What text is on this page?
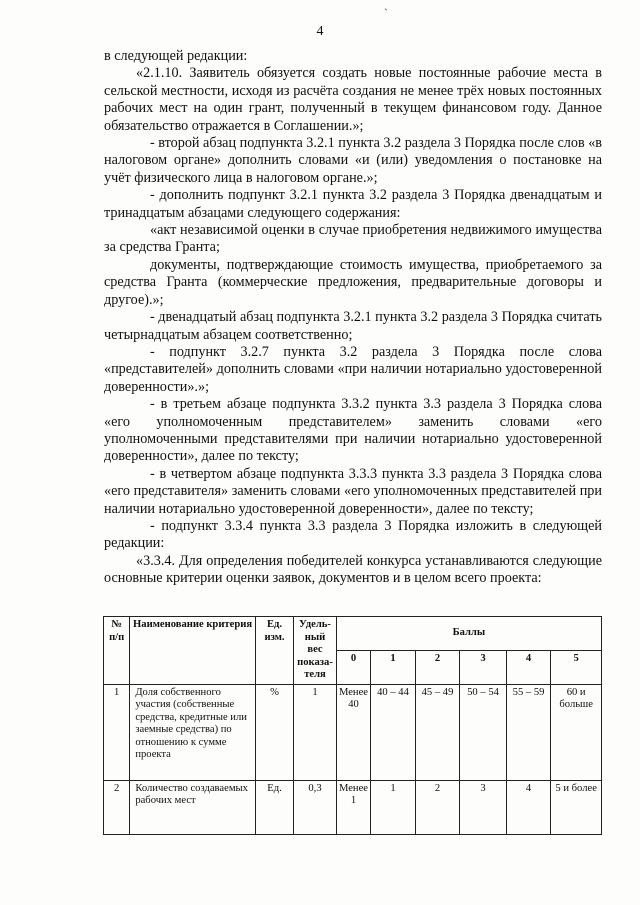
ˋ
4

в следующей редакции:

«2.1.10. Заявитель обязуется создать новые постоянные рабочие места в сельской местности, исходя из расчёта создания не менее трёх новых постоянных рабочих мест на один грант, полученный в текущем финансовом году. Данное обязательство отражается в Соглашении.»;

- второй абзац подпункта 3.2.1 пункта 3.2 раздела 3 Порядка после слов «в налоговом органе» дополнить словами «и (или) уведомления о постановке на учёт физического лица в налоговом органе.»;

- дополнить подпункт 3.2.1 пункта 3.2 раздела 3 Порядка двенадцатым и тринадцатым абзацами следующего содержания:

«акт независимой оценки в случае приобретения недвижимого имущества за средства Гранта;

документы, подтверждающие стоимость имущества, приобретаемого за средства Гранта (коммерческие предложения, предварительные договоры и другое).»;

- двенадцатый абзац подпункта 3.2.1 пункта 3.2 раздела 3 Порядка считать четырнадцатым абзацем соответственно;

- подпункт 3.2.7 пункта 3.2 раздела 3 Порядка после слова «представителей» дополнить словами «при наличии нотариально удостоверенной доверенности».»;

- в третьем абзаце подпункта 3.3.2 пункта 3.3 раздела 3 Порядка слова «его уполномоченным представителем» заменить словами «его уполномоченными представителями при наличии нотариально удостоверенной доверенности», далее по тексту;

- в четвертом абзаце подпункта 3.3.3 пункта 3.3 раздела 3 Порядка слова «его представителя» заменить словами «его уполномоченных представителей при наличии нотариально удостоверенной доверенности», далее по тексту;

- подпункт 3.3.4 пункта 3.3 раздела 3 Порядка изложить в следующей редакции:

«3.3.4. Для определения победителей конкурса устанавливаются следующие основные критерии оценки заявок, документов и в целом всего проекта:

№ п/п	Наименование критерия	Ед. изм.	Удель-ный вес показа-теля	Баллы					
				0	1	2	3	4	5
1	Доля собственного участия (собственные средства, кредитные или заемные средства) по отношению к сумме проекта	%	1	Менее 40	40 – 44	45 – 49	50 – 54	55 – 59	60 и больше
2	Количество создаваемых рабочих мест	Ед.	0,3	Менее 1	1	2	3	4	5 и более
